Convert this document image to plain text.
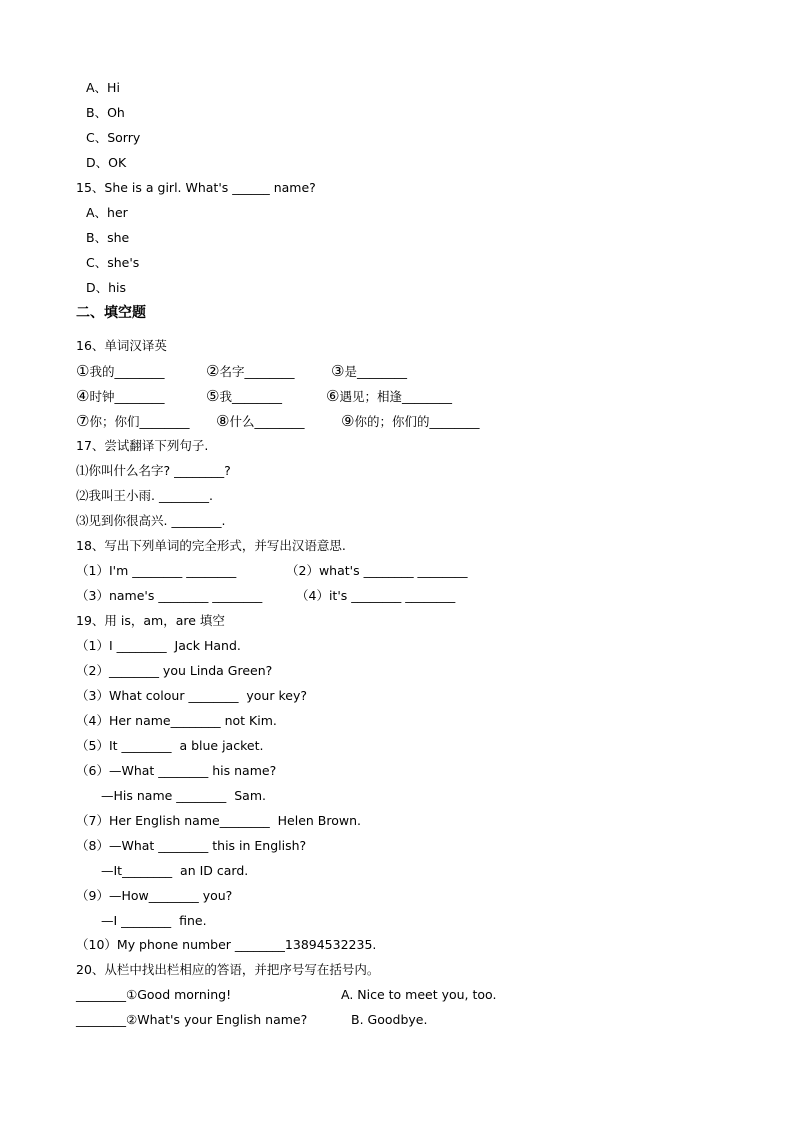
A、Hi
B、Oh
C、Sorry
D、OK
15、She is a girl. What's ______ name?
A、her
B、she
C、she's
D、his
二、填空题
16、单词汉译英
①我的________	②名字________ ③是________
④时钟________	⑤我________	⑥遇见；相逢________
⑦你；你们________ ⑧什么________ ⑨你的；你们的________
17、尝试翻译下列句子.
⑴你叫什么名字? ________?
⑵我叫王小雨. ________.
⑶见到你很高兴. ________.
18、写出下列单词的完全形式，并写出汉语意思.
（1）I'm ________ ________	（2）what's ________ ________
（3）name's ________ ________	（4）it's ________ ________
19、用 is，am，are 填空
（1）I ________  Jack Hand.
（2）________ you Linda Green?
（3）What colour ________  your key?
（4）Her name________ not Kim.
（5）It ________  a blue jacket.
（6）—What ________ his name?
—His name ________  Sam.
（7）Her English name________  Helen Brown.
（8）—What ________ this in English?
—It________  an ID card.
（9）—How________ you?
—I ________  fine.
（10）My phone number ________13894532235.
20、从栏中找出栏相应的答语，并把序号写在括号内。
________①Good morning!	A. Nice to meet you, too.
________②What's your English name?	B. Goodbye.
